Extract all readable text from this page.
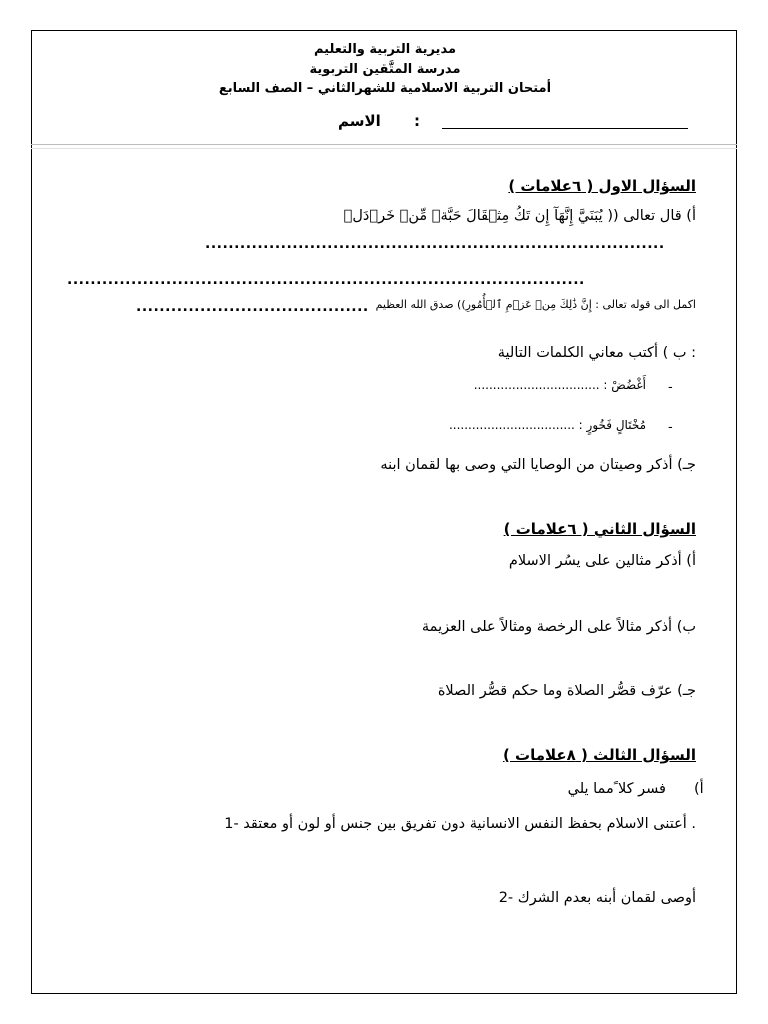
مديرية التربية والتعليم
مدرسة المتَّقين التربوية
أمتحان التربية الاسلامية للشهرالثاني – الصف السابع
الاسم :
السؤال الاول ( ٦علامات )
أ) قال تعالى (( يُبَنَيَّ إِنَّهَآ إِن تَكُ مِثۡقَالَ حَبَّةٖ مِّنۡ خَرۡدَلٖ
...............................................................................
.........................................................................................
اكمل الى قوله تعالى : إِنَّ ذَٰلِكَ مِنۡ عَزۡمِ ٱلۡأُمُورِ)) صدق الله العظيم
........................................
: ب ) أكتب معاني الكلمات التالية
-
أَغْضُضْ : .................................
-
مُخْتَالٍ فَخُورٍ : .................................
جـ) أذكر وصيتان من الوصايا التي وصى بها لقمان ابنه
السؤال الثاني ( ٦علامات )
أ) أذكر مثالين على يسُر الاسلام
ب) أذكر مثالاً على الرخصة ومثالاً على العزيمة
جـ) عرّف قصُّر الصلاة وما حكم قصُّر الصلاة
السؤال الثالث ( ٨علامات )
أ)
فسر كلا ًمما يلي
. أعتنى الاسلام بحفظ النفس الانسانية دون تفريق بين جنس أو لون أو معتقد -1
أوصى لقمان أبنه بعدم الشرك -2
